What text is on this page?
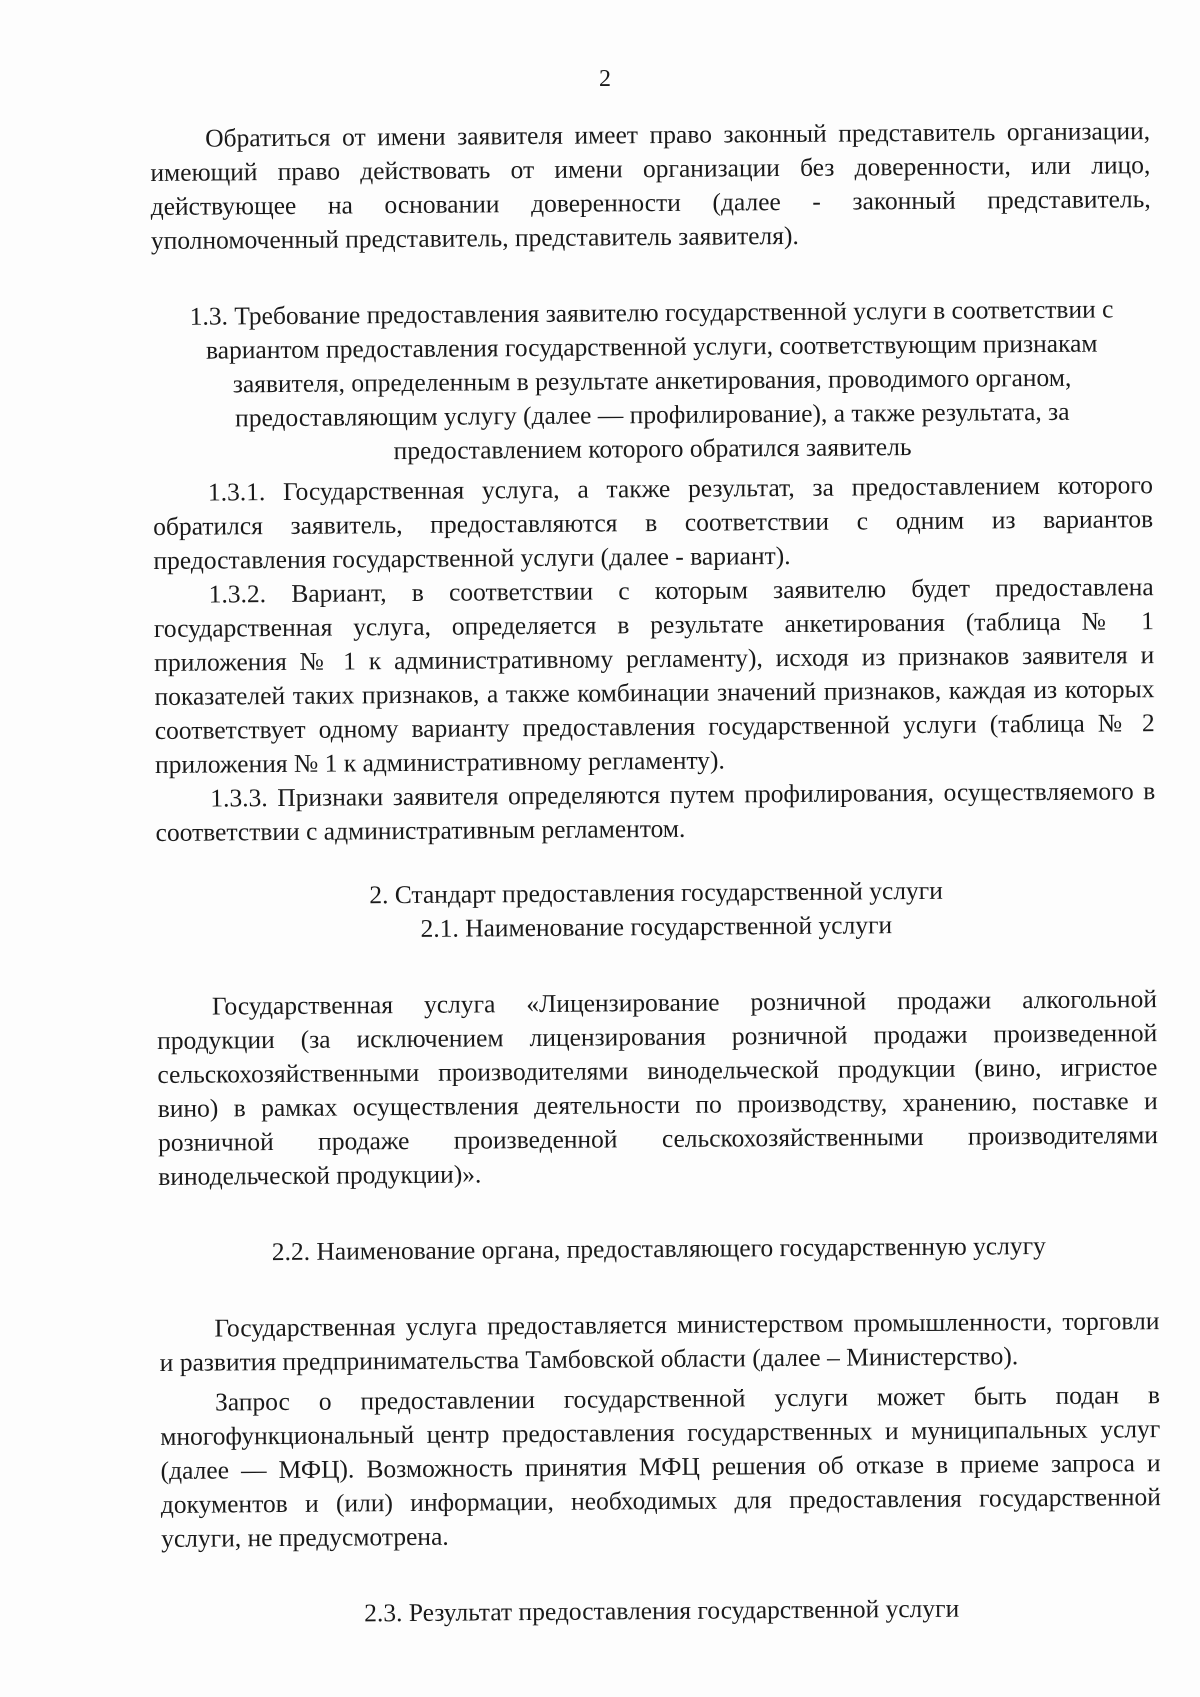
2

Обратиться от имени заявителя имеет право законный представитель организации, имеющий право действовать от имени организации без доверенности, или лицо, действующее на основании доверенности (далее - законный представитель, уполномоченный представитель, представитель заявителя).

1.3. Требование предоставления заявителю государственной услуги в соответствии с вариантом предоставления государственной услуги, соответствующим признакам заявителя, определенным в результате анкетирования, проводимого органом, предоставляющим услугу (далее — профилирование), а также результата, за предоставлением которого обратился заявитель

1.3.1. Государственная услуга, а также результат, за предоставлением которого обратился заявитель, предоставляются в соответствии с одним из вариантов предоставления государственной услуги (далее - вариант).

1.3.2. Вариант, в соответствии с которым заявителю будет предоставлена государственная услуга, определяется в результате анкетирования (таблица № 1 приложения № 1 к административному регламенту), исходя из признаков заявителя и показателей таких признаков, а также комбинации значений признаков, каждая из которых соответствует одному варианту предоставления государственной услуги (таблица № 2 приложения № 1 к административному регламенту).

1.3.3. Признаки заявителя определяются путем профилирования, осуществляемого в соответствии с административным регламентом.

2. Стандарт предоставления государственной услуги

2.1. Наименование государственной услуги

Государственная услуга «Лицензирование розничной продажи алкогольной продукции (за исключением лицензирования розничной продажи произведенной сельскохозяйственными производителями винодельческой продукции (вино, игристое вино) в рамках осуществления деятельности по производству, хранению, поставке и розничной продаже произведенной сельскохозяйственными производителями винодельческой продукции)».

2.2. Наименование органа, предоставляющего государственную услугу

Государственная услуга предоставляется министерством промышленности, торговли и развития предпринимательства Тамбовской области (далее – Министерство).

Запрос о предоставлении государственной услуги может быть подан в многофункциональный центр предоставления государственных и муниципальных услуг (далее — МФЦ). Возможность принятия МФЦ решения об отказе в приеме запроса и документов и (или) информации, необходимых для предоставления государственной услуги, не предусмотрена.

2.3. Результат предоставления государственной услуги
